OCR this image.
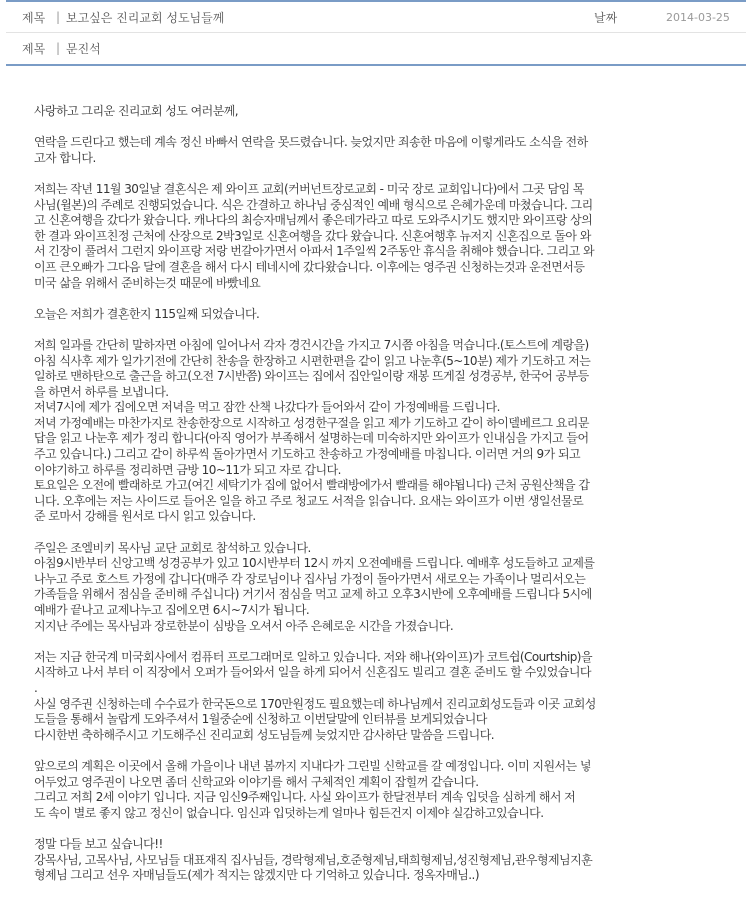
제목 | 보고싶은 진리교회 성도님들께	날짜	2014-03-25
제목 | 문진석

사랑하고 그리운 진리교회 성도 여러분께,

연락을 드린다고 했는데 계속 정신 바빠서 연락을 못드렸습니다. 늦었지만 죄송한 마음에 이렇게라도 소식을 전하
고자 합니다.

저희는 작년 11월 30일날 결혼식은 제 와이프 교회(커버넌트장로교회 - 미국 장로 교회입니다)에서 그곳 담임 목
사님(윌본)의 주례로 진행되었습니다. 식은 간결하고 하나님 중심적인 예배 형식으로 은혜가운데 마쳤습니다. 그리
고 신혼여행을 갔다가 왔습니다. 캐나다의 최승자매님께서 좋은데가라고 따로 도와주시기도 했지만 와이프랑 상의
한 결과 와이프친정 근처에 산장으로 2박3일로 신혼여행을 갔다 왔습니다. 신혼여행후 뉴저지 신혼집으로 돌아 와
서 긴장이 풀려서 그런지 와이프랑 저랑 번갈아가면서 아파서 1주일씩 2주동안 휴식을 취해야 했습니다. 그리고 와
이프 큰오빠가 그다음 달에 결혼을 해서 다시 테네시에 갔다왔습니다. 이후에는 영주권 신청하는것과 운전면서등
미국 삶을 위해서 준비하는것 때문에 바빴네요

오늘은 저희가 결혼한지 115일째 되었습니다.

저희 일과를 간단히 말하자면 아침에 일어나서 각자 경건시간을 가지고 7시쯤 아침을 먹습니다.(토스트에 계랑을)
아침 식사후 제가 일가기전에 간단히 찬송을 한장하고 시편한편을 같이 읽고 나눈후(5~10분) 제가 기도하고 저는
일하로 맨하탄으로 출근을 하고(오전 7시반쯤) 와이프는 집에서 집안일이랑 재봉 뜨게질 성경공부, 한국어 공부등
을 하면서 하루를 보냅니다.
저녁7시에 제가 집에오면 저녁을 먹고 잠깐 산책 나갔다가 들어와서 같이 가정예배를 드립니다.
저녁 가정예배는 마찬가지로 찬송한장으로 시작하고 성경한구절을 읽고 제가 기도하고 같이 하이델베르그 요리문
답을 읽고 나눈후 제가 정리 합니다(아직 영어가 부족해서 설명하는데 미숙하지만 와이프가 인내심을 가지고 들어
주고 있습니다.) 그리고 같이 하루씩 돌아가면서 기도하고 찬송하고 가정예배를 마칩니다. 이러면 거의 9가 되고
이야기하고 하루를 정리하면 금방 10~11가 되고 자로 갑니다.
토요일은 오전에 빨래하로 가고(여긴 세탁기가 집에 없어서 빨래방에가서 빨래를 해야됩니다) 근처 공원산책을 갑
니다. 오후에는 저는 사이드로 들어온 일을 하고 주로 청교도 서적을 읽습니다. 요새는 와이프가 이번 생일선물로
준 로마서 강해를 원서로 다시 읽고 있습니다.

주일은 조엘비키 목사님 교단 교회로 참석하고 있습니다.
아침9시반부터 신앙고백 성경공부가 있고 10시반부터 12시 까지 오전예배를 드립니다. 예배후 성도들하고 교제를
나누고 주로 호스트 가정에 갑니다(매주 각 장로님이나 집사님 가정이 돌아가면서 새로오는 가족이나 멀리서오는
가족들을 위해서 점심을 준비해 주십니다) 거기서 점심을 먹고 교제 하고 오후3시반에 오후예배를 드립니다 5시에
예배가 끝나고 교제나누고 집에오면 6시~7시가 됩니다.
지지난 주에는 목사님과 장로한분이 심방을 오셔서 아주 은혜로운 시간을 가졌습니다.

저는 지금 한국계 미국회사에서 컴퓨터 프로그래머로 일하고 있습니다. 저와 해나(와이프)가 코트쉽(Courtship)을
시작하고 나서 부터 이 직장에서 오퍼가 들어와서 일을 하게 되어서 신혼집도 빌리고 결혼 준비도 할 수있었습니다
.
사실 영주권 신청하는데 수수료가 한국돈으로 170만원정도 필요했는데 하나님께서 진리교회성도들과 이곳 교회성
도들을 통해서 놀랍게 도와주셔서 1월중순에 신청하고 이번달말에 인터뷰를 보게되었습니다
다시한번 축하해주시고 기도해주신 진리교회 성도님들께 늦었지만 감사하단 말씀을 드립니다.

앞으로의 계획은 이곳에서 올해 가을이나 내년 봄까지 지내다가 그린빌 신학교를 갈 예정입니다. 이미 지원서는 넣
어두었고 영주권이 나오면 좀더 신학교와 이야기를 해서 구체적인 계획이 잡힐꺼 같습니다.
그리고 저희 2세 이야기 입니다. 지금 임신9주째입니다. 사실 와이프가 한달전부터 계속 입덧을 심하게 해서 저
도 속이 별로 좋지 않고 정신이 없습니다. 임신과 입덧하는게 얼마나 힘든건지 이제야 실감하고있습니다.

정말 다들 보고 싶습니다!!
강목사님, 고목사님, 사모님들 대표재직 집사님들, 경락형제님,호준형제님,태희형제님,성진형제님,관우형제님지훈
형제님 그리고 선우 자매님들도(제가 적지는 않겠지만 다 기억하고 있습니다. 정옥자매님..)
